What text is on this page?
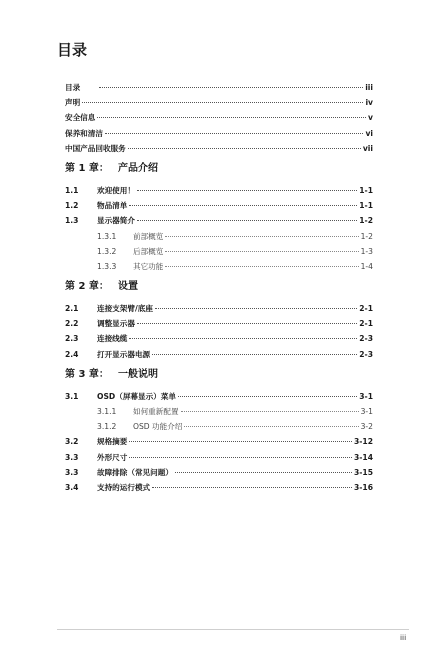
目录
目录	iii
声明	iv
安全信息	v
保养和清洁	vi
中国产品回收服务	vii
第 1 章： 产品介绍
1.1	欢迎使用！	1-1
1.2	物品清单	1-1
1.3	显示器简介	1-2
1.3.1	前部概览	1-2
1.3.2	后部概览	1-3
1.3.3	其它功能	1-4
第 2 章： 设置
2.1	连接支架臂/底座	2-1
2.2	调整显示器	2-1
2.3	连接线缆	2-3
2.4	打开显示器电源	2-3
第 3 章： 一般说明
3.1	OSD（屏幕显示）菜单	3-1
3.1.1	如何重新配置	3-1
3.1.2	OSD 功能介绍	3-2
3.2	规格摘要	3-12
3.3	外形尺寸	3-14
3.3	故障排除（常见问题）	3-15
3.4	支持的运行模式	3-16
iii
